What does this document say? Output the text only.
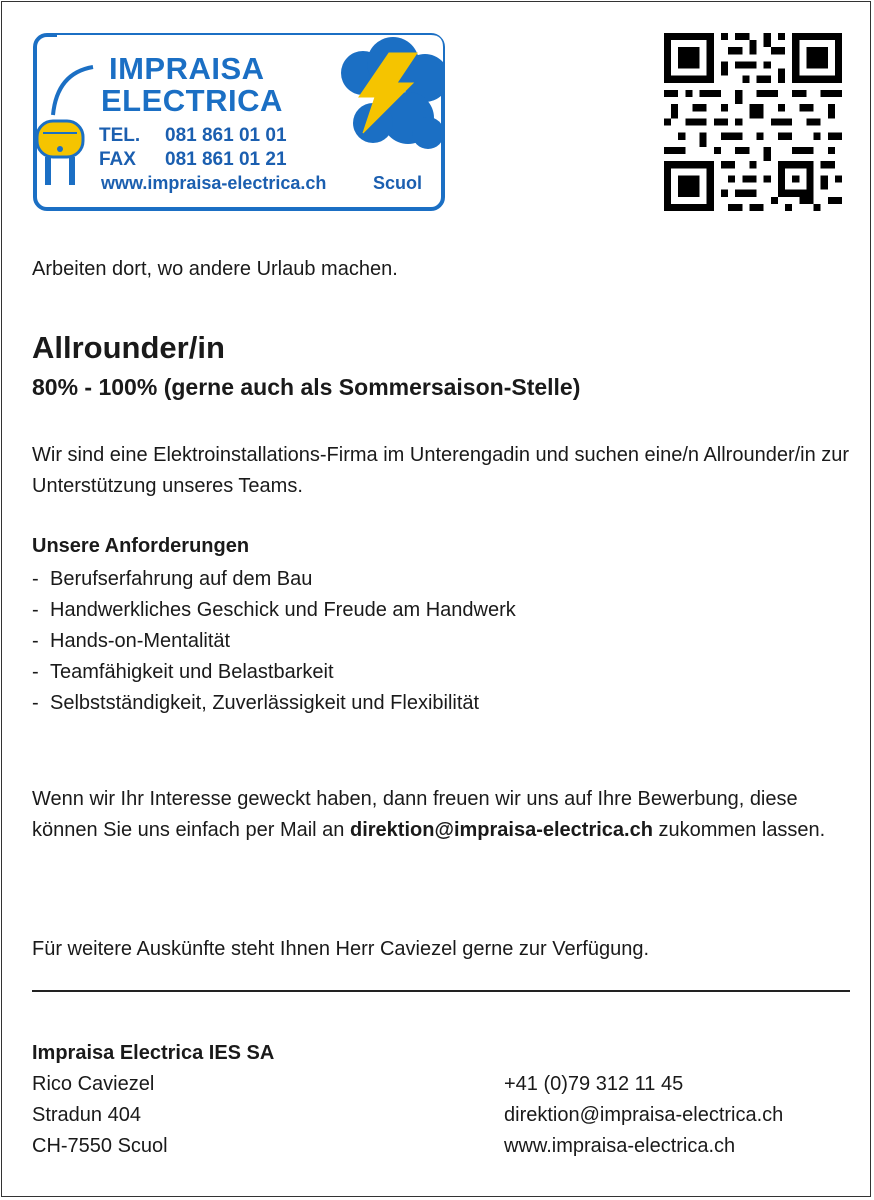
IMPRAISA
ELECTRICA
TEL. 081 861 01 01
FAX 081 861 01 21
www.impraisa-electrica.ch	Scuol

Arbeiten dort, wo andere Urlaub machen.

Allrounder/in
80% - 100% (gerne auch als Sommersaison-Stelle)

Wir sind eine Elektroinstallations-Firma im Unterengadin und suchen eine/n Allrounder/in zur Unterstützung unseres Teams.

Unsere Anforderungen
- Berufserfahrung auf dem Bau
- Handwerkliches Geschick und Freude am Handwerk
- Hands-on-Mentalität
- Teamfähigkeit und Belastbarkeit
- Selbstständigkeit, Zuverlässigkeit und Flexibilität

Wenn wir Ihr Interesse geweckt haben, dann freuen wir uns auf Ihre Bewerbung, diese können Sie uns einfach per Mail an direktion@impraisa-electrica.ch zukommen lassen.

Für weitere Auskünfte steht Ihnen Herr Caviezel gerne zur Verfügung.

Impraisa Electrica IES SA
Rico Caviezel
Stradun 404
CH-7550 Scuol
+41 (0)79 312 11 45
direktion@impraisa-electrica.ch
www.impraisa-electrica.ch
